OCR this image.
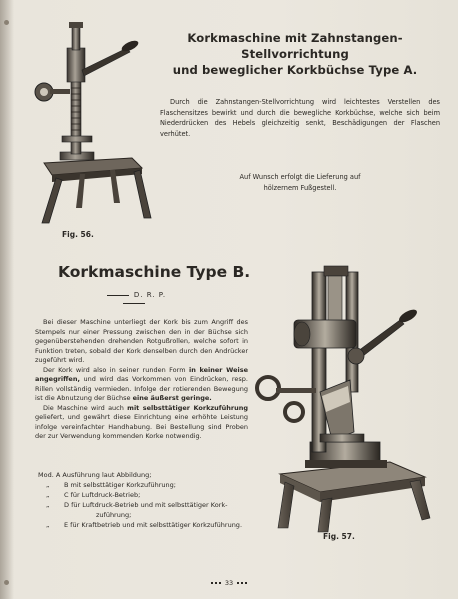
Fig. 56.
Korkmaschine mit Zahnstangen-Stellvorrichtung
und beweglicher Korkbüchse Type A.
Durch die Zahnstangen-Stellvorrichtung wird leichtestes Verstellen des Flaschensitzes bewirkt und durch die bewegliche Korkbüchse, welche sich beim Niederdrücken des Hebels gleichzeitig senkt, Beschädigungen der Flaschen verhütet.
Auf Wunsch erfolgt die Lieferung auf
hölzernem Fußgestell.
Korkmaschine Type B.
D. R. P.

Bei dieser Maschine unterliegt der Kork bis zum Angriff des Stempels nur einer Pressung zwischen den in der Büchse sich gegenüberstehenden drehenden Rotgußrollen, welche sofort in Funktion treten, sobald der Kork denselben durch den Andrücker zugeführt wird.

Der Kork wird also in seiner runden Form in keiner Weise angegriffen, und wird das Vorkommen von Eindrücken, resp. Rillen vollständig vermieden. Infolge der rotierenden Bewegung ist die Abnutzung der Büchse eine äußerst geringe.

Die Maschine wird auch mit selbsttätiger Korkzuführung geliefert, und gewährt diese Einrichtung eine erhöhte Leistung infolge vereinfachter Handhabung. Bei Bestellung sind Proben der zur Verwendung kommenden Korke notwendig.

Mod. A Ausführung laut Abbildung;
„ B mit selbsttätiger Korkzuführung;
„ C für Luftdruck-Betrieb;
„ D für Luftdruck-Betrieb und mit selbsttätiger Kork-
zuführung;
„ E für Kraftbetrieb und mit selbsttätiger Korkzuführung.
Fig. 57.
33
